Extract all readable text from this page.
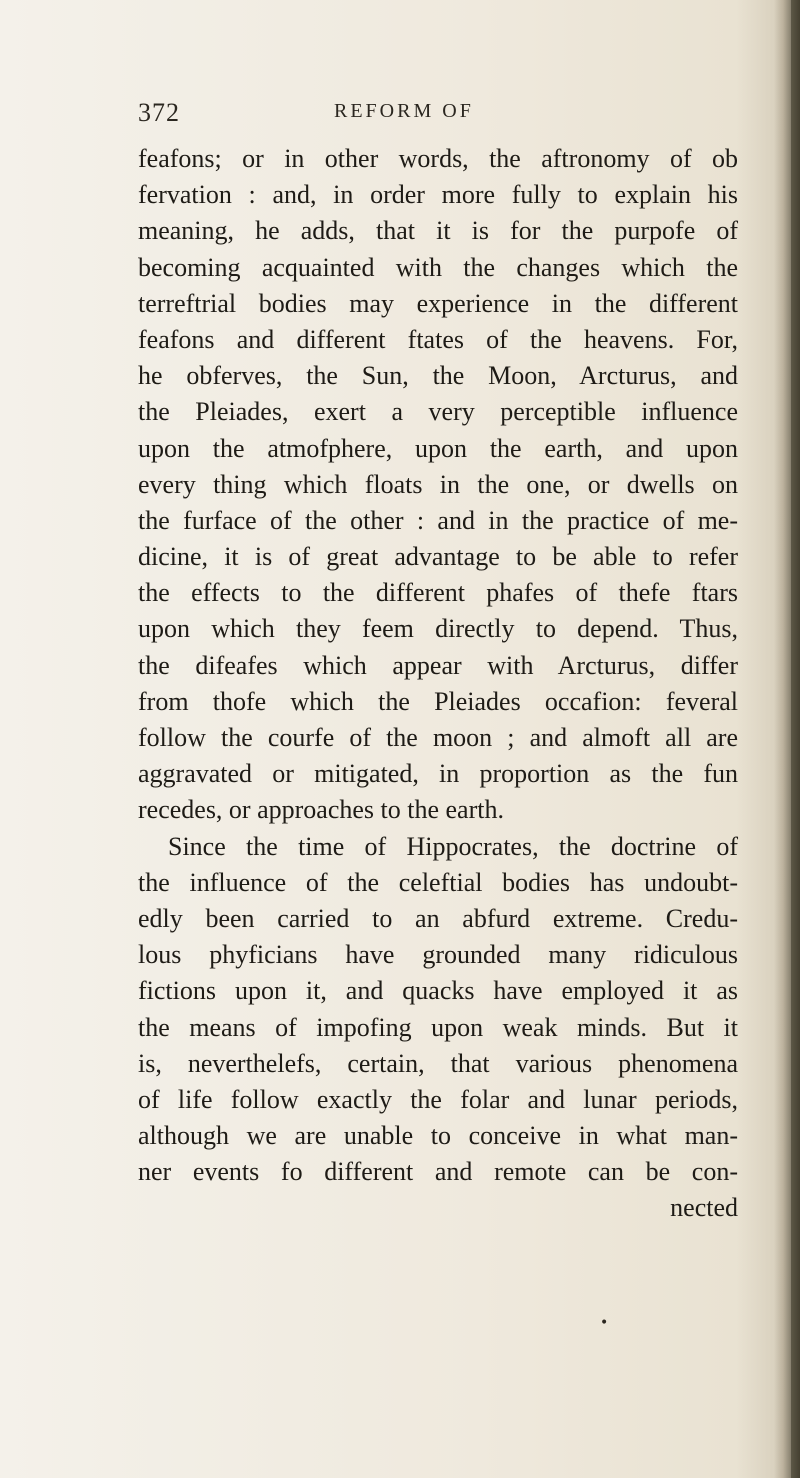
372	REFORM OF
feafons; or in other words, the aftronomy of ob
fervation : and, in order more fully to explain his
meaning, he adds, that it is for the purpofe of
becoming acquainted with the changes which the
terreftrial bodies may experience in the different
feafons and different ftates of the heavens. For,
he obferves, the Sun, the Moon, Arcturus, and
the Pleiades, exert a very perceptible influence
upon the atmofphere, upon the earth, and upon
every thing which floats in the one, or dwells on
the furface of the other : and in the practice of me-
dicine, it is of great advantage to be able to refer
the effects to the different phafes of thefe ftars
upon which they feem directly to depend. Thus,
the difeafes which appear with Arcturus, differ
from thofe which the Pleiades occafion: feveral
follow the courfe of the moon ; and almoft all are
aggravated or mitigated, in proportion as the fun
recedes, or approaches to the earth.
Since the time of Hippocrates, the doctrine of
the influence of the celeftial bodies has undoubt-
edly been carried to an abfurd extreme. Credu-
lous phyficians have grounded many ridiculous
fictions upon it, and quacks have employed it as
the means of impofing upon weak minds. But it
is, neverthelefs, certain, that various phenomena
of life follow exactly the folar and lunar periods,
although we are unable to conceive in what man-
ner events fo different and remote can be con-
nected
•
